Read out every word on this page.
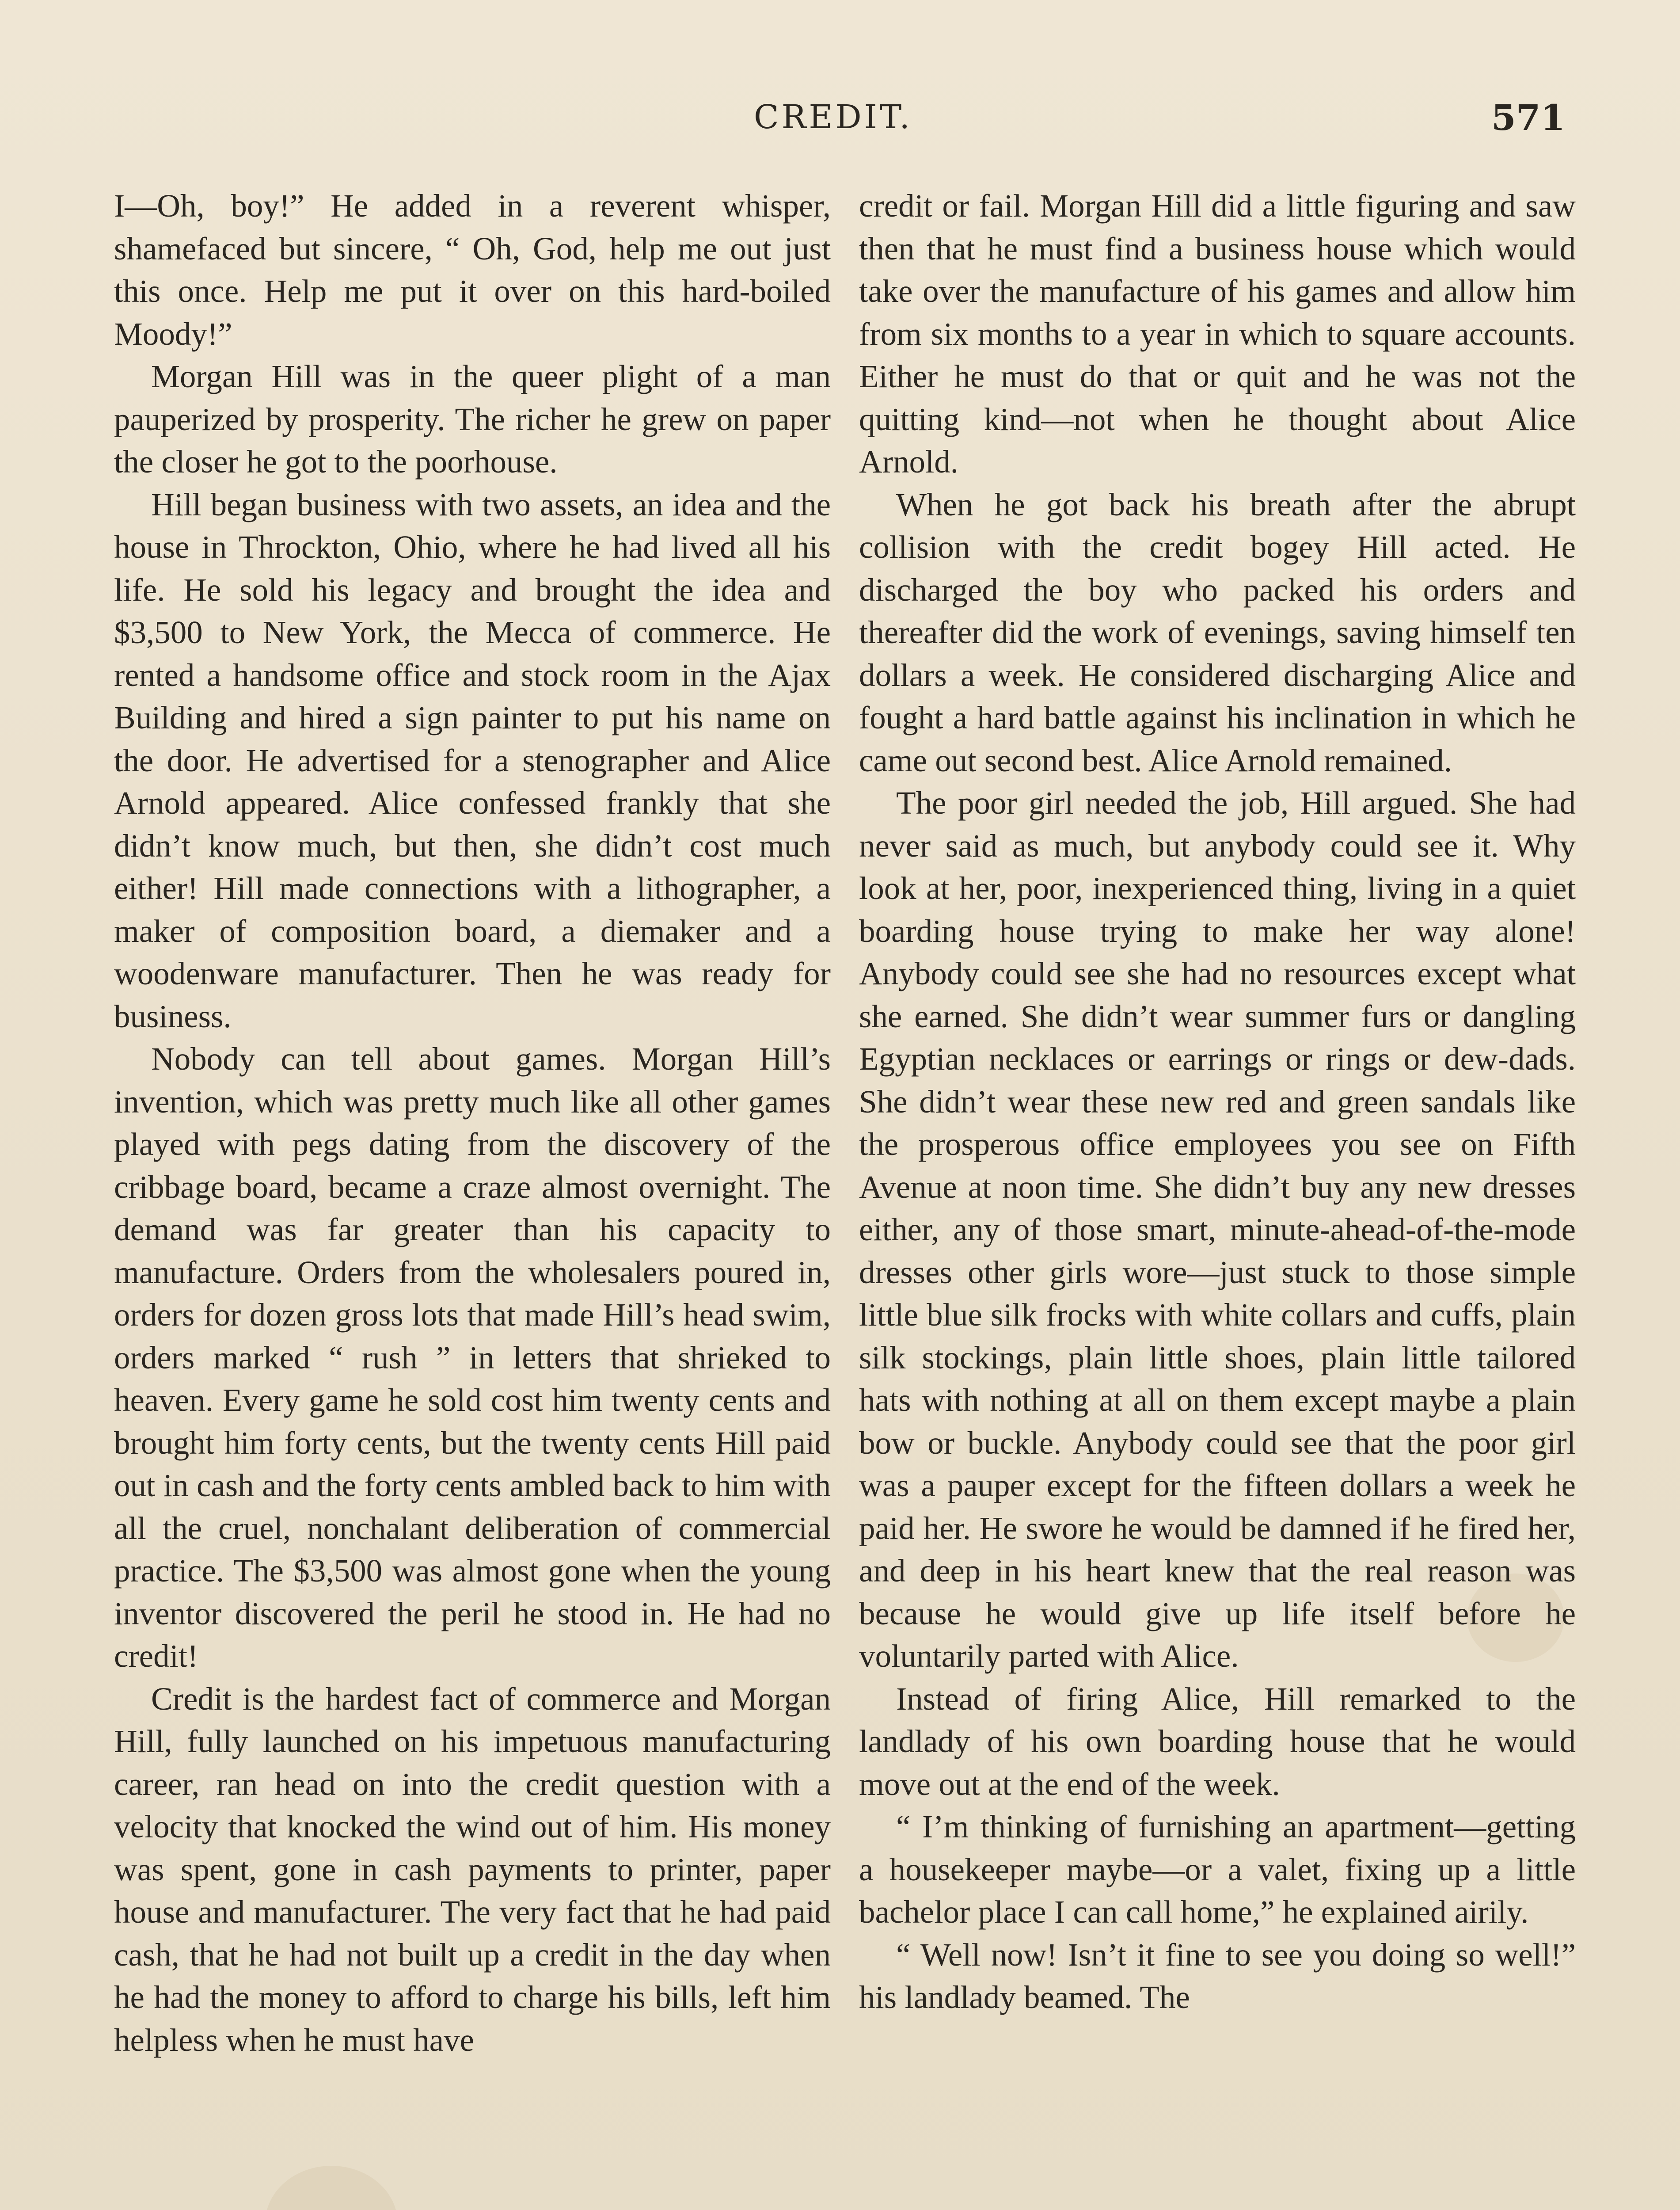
CREDIT.	571

I—Oh, boy!” He added in a reverent whisper, shamefaced but sincere, “ Oh, God, help me out just this once. Help me put it over on this hard-boiled Moody!”

Morgan Hill was in the queer plight of a man pauperized by prosperity. The richer he grew on paper the closer he got to the poorhouse.

Hill began business with two assets, an idea and the house in Throckton, Ohio, where he had lived all his life. He sold his legacy and brought the idea and $3,500 to New York, the Mecca of commerce. He rented a handsome office and stock room in the Ajax Building and hired a sign painter to put his name on the door. He advertised for a stenographer and Alice Arnold appeared. Alice confessed frankly that she didn’t know much, but then, she didn’t cost much either! Hill made connections with a lithographer, a maker of composition board, a diemaker and a woodenware manufacturer. Then he was ready for business.

Nobody can tell about games. Morgan Hill’s invention, which was pretty much like all other games played with pegs dating from the discovery of the cribbage board, became a craze almost overnight. The demand was far greater than his capacity to manufacture. Orders from the wholesalers poured in, orders for dozen gross lots that made Hill’s head swim, orders marked “ rush ” in letters that shrieked to heaven. Every game he sold cost him twenty cents and brought him forty cents, but the twenty cents Hill paid out in cash and the forty cents ambled back to him with all the cruel, nonchalant deliberation of commercial practice. The $3,500 was almost gone when the young inventor discovered the peril he stood in. He had no credit!

Credit is the hardest fact of commerce and Morgan Hill, fully launched on his impetuous manufacturing career, ran head on into the credit question with a velocity that knocked the wind out of him. His money was spent, gone in cash payments to printer, paper house and manufacturer. The very fact that he had paid cash, that he had not built up a credit in the day when he had the money to afford to charge his bills, left him helpless when he must have

credit or fail. Morgan Hill did a little figuring and saw then that he must find a business house which would take over the manufacture of his games and allow him from six months to a year in which to square accounts. Either he must do that or quit and he was not the quitting kind—not when he thought about Alice Arnold.

When he got back his breath after the abrupt collision with the credit bogey Hill acted. He discharged the boy who packed his orders and thereafter did the work of evenings, saving himself ten dollars a week. He considered discharging Alice and fought a hard battle against his inclination in which he came out second best. Alice Arnold remained.

The poor girl needed the job, Hill argued. She had never said as much, but anybody could see it. Why look at her, poor, inexperienced thing, living in a quiet boarding house trying to make her way alone! Anybody could see she had no resources except what she earned. She didn’t wear summer furs or dangling Egyptian necklaces or earrings or rings or dew-dads. She didn’t wear these new red and green sandals like the prosperous office employees you see on Fifth Avenue at noon time. She didn’t buy any new dresses either, any of those smart, minute-ahead-of-the-mode dresses other girls wore—just stuck to those simple little blue silk frocks with white collars and cuffs, plain silk stockings, plain little shoes, plain little tailored hats with nothing at all on them except maybe a plain bow or buckle. Anybody could see that the poor girl was a pauper except for the fifteen dollars a week he paid her. He swore he would be damned if he fired her, and deep in his heart knew that the real reason was because he would give up life itself before he voluntarily parted with Alice.

Instead of firing Alice, Hill remarked to the landlady of his own boarding house that he would move out at the end of the week.

“ I’m thinking of furnishing an apartment—getting a housekeeper maybe—or a valet, fixing up a little bachelor place I can call home,” he explained airily.

“ Well now! Isn’t it fine to see you doing so well!” his landlady beamed. The
